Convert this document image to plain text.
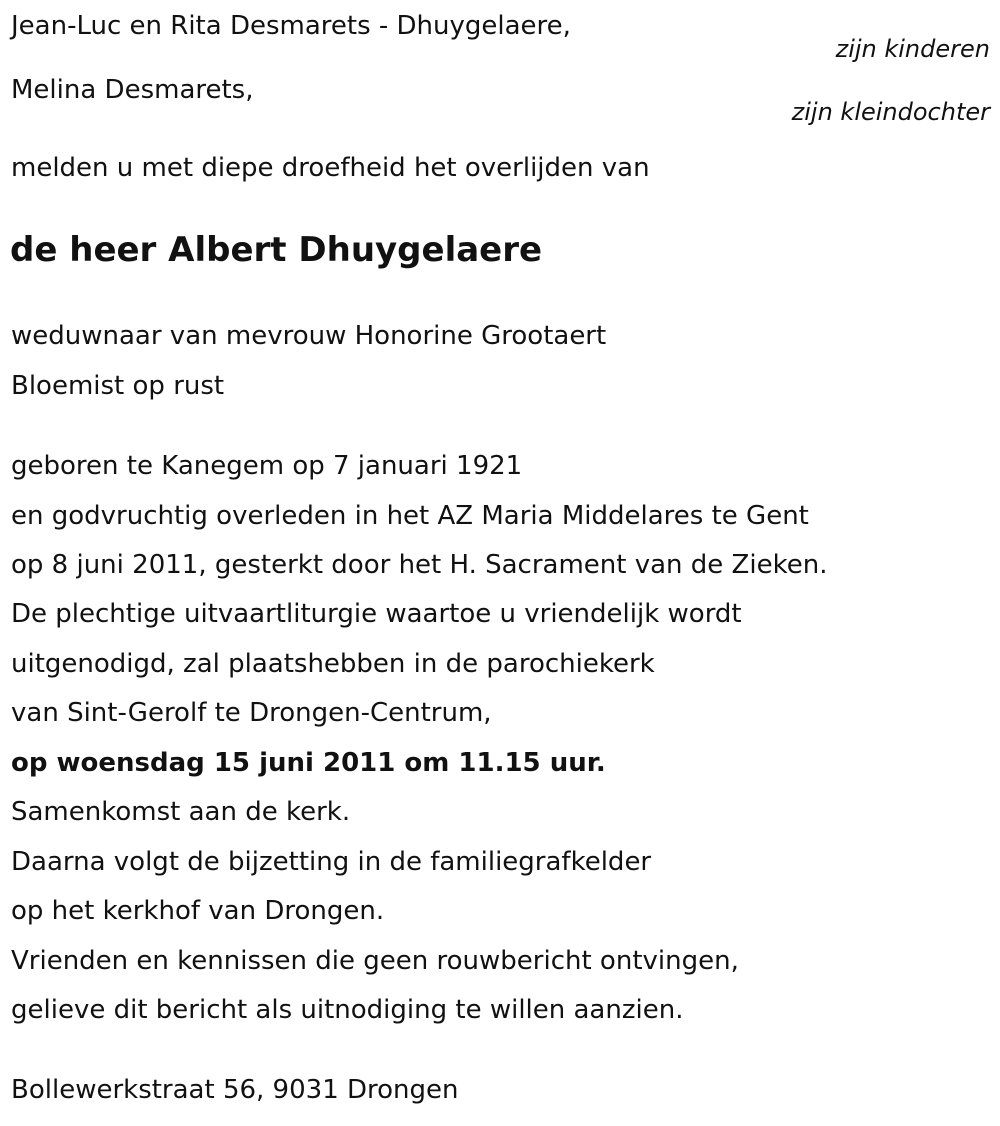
Jean-Luc en Rita Desmarets - Dhuygelaere,
zijn kinderen
Melina Desmarets,
zijn kleindochter
melden u met diepe droefheid het overlijden van
de heer Albert Dhuygelaere
weduwnaar van mevrouw Honorine Grootaert
Bloemist op rust
geboren te Kanegem op 7 januari 1921
en godvruchtig overleden in het AZ Maria Middelares te Gent
op 8 juni 2011, gesterkt door het H. Sacrament van de Zieken.
De plechtige uitvaartliturgie waartoe u vriendelijk wordt
uitgenodigd, zal plaatshebben in de parochiekerk
van Sint-Gerolf te Drongen-Centrum,
op woensdag 15 juni 2011 om 11.15 uur.
Samenkomst aan de kerk.
Daarna volgt de bijzetting in de familiegrafkelder
op het kerkhof van Drongen.
Vrienden en kennissen die geen rouwbericht ontvingen,
gelieve dit bericht als uitnodiging te willen aanzien.
Bollewerkstraat 56, 9031 Drongen
